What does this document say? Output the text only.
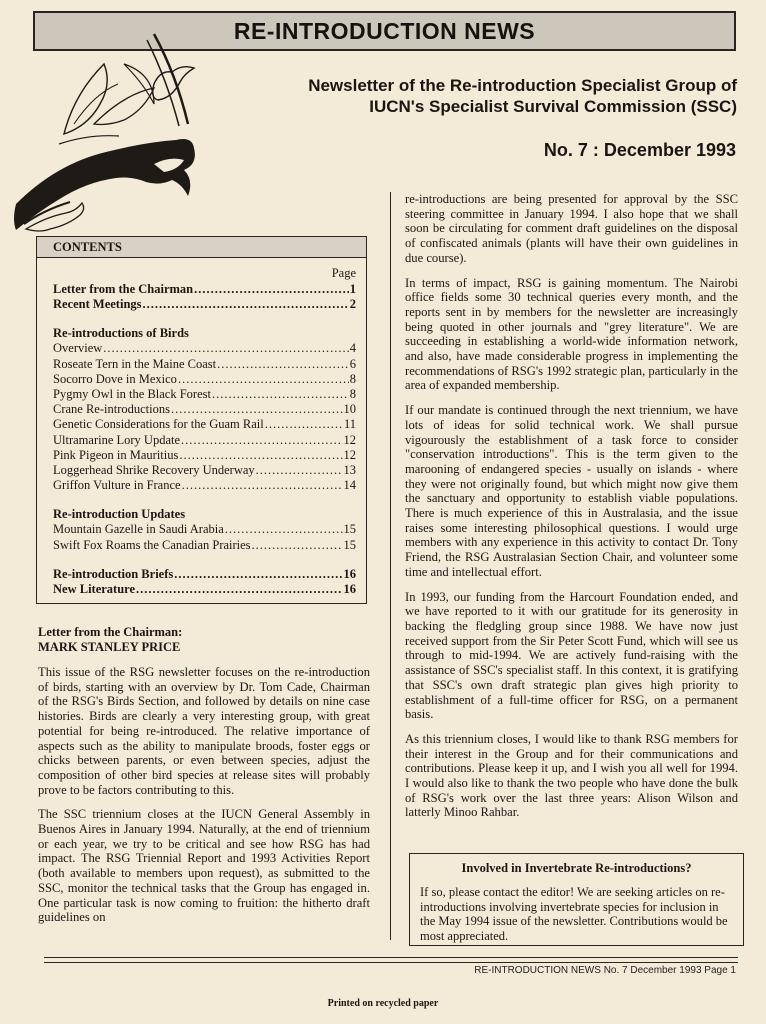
RE-INTRODUCTION NEWS
Newsletter of the Re-introduction Specialist Group of
IUCN's Specialist Survival Commission (SSC)
No. 7 : December 1993
CONTENTS
Page
Letter from the Chairman .....	1
Recent Meetings .....	2
Re-introductions of Birds
Overview .....	4
Roseate Tern in the Maine Coast .....	6
Socorro Dove in Mexico .....	8
Pygmy Owl in the Black Forest .....	8
Crane Re-introductions .....	10
Genetic Considerations for the Guam Rail .....	11
Ultramarine Lory Update .....	12
Pink Pigeon in Mauritius .....	12
Loggerhead Shrike Recovery Underway .....	13
Griffon Vulture in France .....	14
Re-introduction Updates
Mountain Gazelle in Saudi Arabia .....	15
Swift Fox Roams the Canadian Prairies .....	15
Re-introduction Briefs .....	16
New Literature .....	16
Letter from the Chairman:
MARK STANLEY PRICE

This issue of the RSG newsletter focuses on the re-introduction of birds, starting with an overview by Dr. Tom Cade, Chairman of the RSG's Birds Section, and followed by details on nine case histories. Birds are clearly a very interesting group, with great potential for being re-introduced. The relative importance of aspects such as the ability to manipulate broods, foster eggs or chicks between parents, or even between species, adjust the composition of other bird species at release sites will probably prove to be factors contributing to this.

The SSC triennium closes at the IUCN General Assembly in Buenos Aires in January 1994. Naturally, at the end of triennium or each year, we try to be critical and see how RSG has had impact. The RSG Triennial Report and 1993 Activities Report (both available to members upon request), as submitted to the SSC, monitor the technical tasks that the Group has engaged in. One particular task is now coming to fruition: the hitherto draft guidelines on

re-introductions are being presented for approval by the SSC steering committee in January 1994. I also hope that we shall soon be circulating for comment draft guidelines on the disposal of confiscated animals (plants will have their own guidelines in due course).

In terms of impact, RSG is gaining momentum. The Nairobi office fields some 30 technical queries every month, and the reports sent in by members for the newsletter are increasingly being quoted in other journals and "grey literature". We are succeeding in establishing a world-wide information network, and also, have made considerable progress in implementing the recommendations of RSG's 1992 strategic plan, particularly in the area of expanded membership.

If our mandate is continued through the next triennium, we have lots of ideas for solid technical work. We shall pursue vigourously the establishment of a task force to consider "conservation introductions". This is the term given to the marooning of endangered species - usually on islands - where they were not originally found, but which might now give them the sanctuary and opportunity to establish viable populations. There is much experience of this in Australasia, and the issue raises some interesting philosophical questions. I would urge members with any experience in this activity to contact Dr. Tony Friend, the RSG Australasian Section Chair, and volunteer some time and intellectual effort.

In 1993, our funding from the Harcourt Foundation ended, and we have reported to it with our gratitude for its generosity in backing the fledgling group since 1988. We have now just received support from the Sir Peter Scott Fund, which will see us through to mid-1994. We are actively fund-raising with the assistance of SSC's specialist staff. In this context, it is gratifying that SSC's own draft strategic plan gives high priority to establishment of a full-time officer for RSG, on a permanent basis.

As this triennium closes, I would like to thank RSG members for their interest in the Group and for their communications and contributions. Please keep it up, and I wish you all well for 1994. I would also like to thank the two people who have done the bulk of RSG's work over the last three years: Alison Wilson and latterly Minoo Rahbar.

Involved in Invertebrate Re-introductions?
If so, please contact the editor! We are seeking articles on re-introductions involving invertebrate species for inclusion in the May 1994 issue of the newsletter. Contributions would be most appreciated.
RE-INTRODUCTION NEWS No. 7 December 1993 Page 1
Printed on recycled paper
